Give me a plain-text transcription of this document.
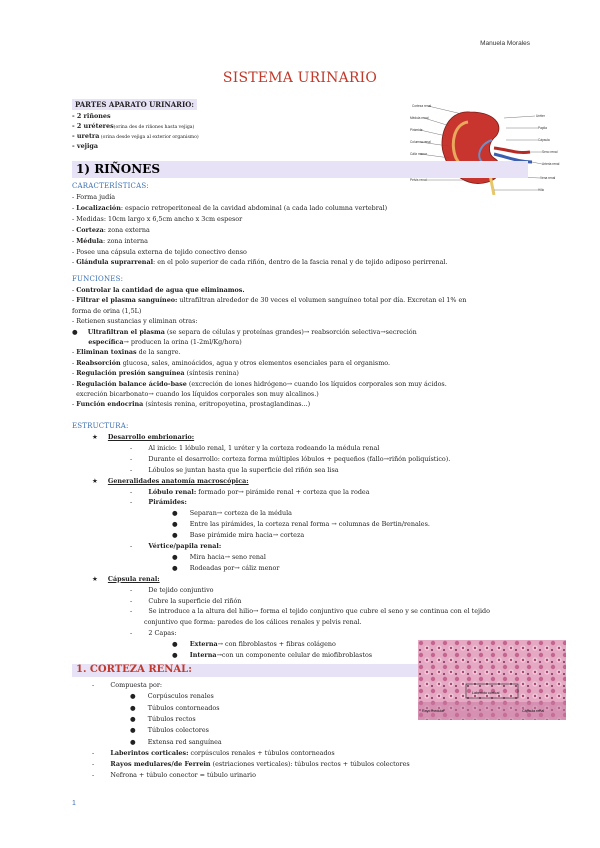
Manuela Morales
SISTEMA URINARIO
PARTES APARATO URINARIO:
- 2 riñones
- 2 uréteres(orina des de riñones hasta vejiga)
- uretra (orina desde vejiga al exterior organismo)
- vejiga
Corteza renal
Médula renal
Pirámide
Columna renal
Cáliz menor
Pelvis renal
Uréter
Papila
Cápsula
Seno renal
Arteria renal
Vena renal
Hilio
1) RIÑONES
CARACTERÍSTICAS:
- Forma judía
- Localización: espacio retroperitoneal de la cavidad abdominal (a cada lado columna vertebral)
- Medidas: 10cm largo x 6,5cm ancho x 3cm espesor
- Corteza: zona externa
- Médula: zona interna
- Posee una cápsula externa de tejido conectivo denso
- Glándula suprarrenal: en el polo superior de cada riñón, dentro de la fascia renal y de tejido adiposo perirrenal.
FUNCIONES:
- Controlar la cantidad de agua que eliminamos.
- Filtrar el plasma sanguíneo: ultrafiltran alrededor de 30 veces el volumen sanguíneo total por día. Excretan el 1% en
forma de orina (1,5L)
- Retienen sustancias y eliminan otras:
●     Ultrafiltran el plasma (se separa de células y proteínas grandes)→ reabsorción selectiva→secreción
específica→ producen la orina (1-2ml/Kg/hora)
- Eliminan toxinas de la sangre.
- Reabsorción glucosa, sales, aminoácidos, agua y otros elementos esenciales para el organismo.
- Regulación presión sanguínea (síntesis renina)
- Regulación balance ácido-base (excreción de iones hidrógeno→ cuando los líquidos corporales son muy ácidos.
excreción bicarbonato→ cuando los líquidos corporales son muy alcalinos.)
- Función endocrina (síntesis renina, eritropoyetina, prostaglandinas...)
ESTRUCTURA:
★     Desarrollo embrionario:
-        Al inicio: 1 lóbulo renal, 1 uréter y la corteza rodeando la médula renal
-        Durante el desarrollo: corteza forma múltiples lóbulos + pequeños (fallo→riñón poliquístico).
-        Lóbulos se juntan hasta que la superficie del riñón sea lisa
★     Generalidades anatomía macroscópica:
-        Lóbulo renal: formado por→ pirámide renal + corteza que la rodea
-        Pirámides:
●      Separan→ corteza de la médula
●      Entre las pirámides, la corteza renal forma → columnas de Bertin/renales.
●      Base pirámide mira hacia→ corteza
-        Vértice/papila renal:
●      Mira hacia→ seno renal
●      Rodeadas por→ cáliz menor
★     Cápsula renal:
-        De tejido conjuntivo
-        Cubre la superficie del riñón
-        Se introduce a la altura del hilio→ forma el tejido conjuntivo que cubre el seno y se continua con el tejido
conjuntivo que forma: paredes de los cálices renales y pelvis renal.
-        2 Capas:
●      Externa→ con fibroblastos + fibras colágeno
●      Interna→con un componente celular de miofibroblastos
1. CORTEZA RENAL:
-        Compuesta por:
●      Corpúsculos renales
●      Túbulos contorneados
●      Túbulos rectos
●      Túbulos colectores
●      Extensa red sanguínea
-        Laberintos corticales: corpúsculos renales + túbulos contorneados
-        Rayos medulares/de Ferrein (estriaciones verticales): túbulos rectos + túbulos colectores
-        Nefrona + túbulo conector = túbulo urinario
Laberinto cortical
Rayo medular	Cápsula renal
1
